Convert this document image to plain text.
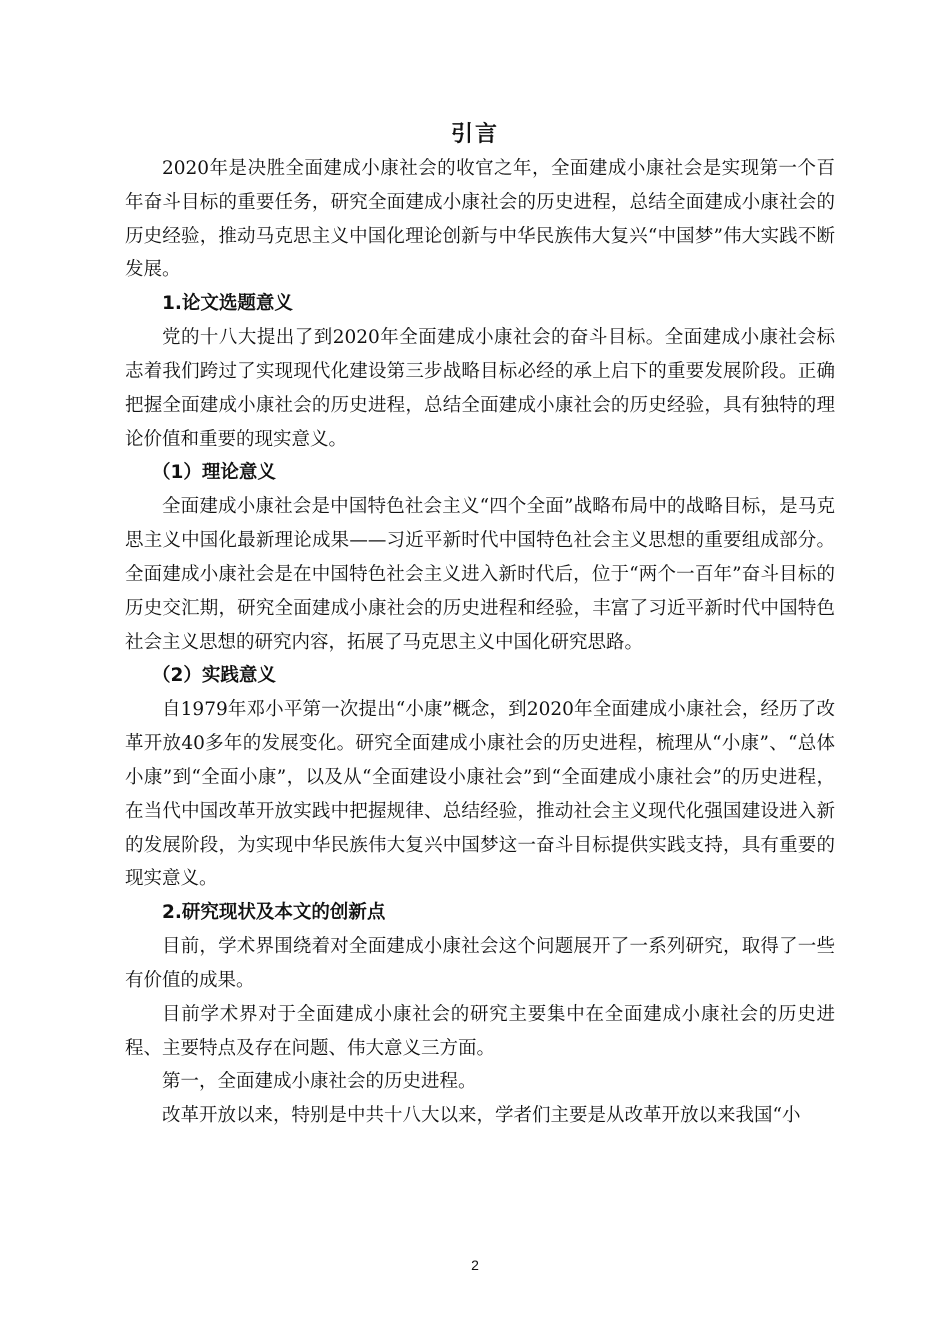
引言

2020年是决胜全面建成小康社会的收官之年，全面建成小康社会是实现第一个百年奋斗目标的重要任务，研究全面建成小康社会的历史进程，总结全面建成小康社会的历史经验，推动马克思主义中国化理论创新与中华民族伟大复兴“中国梦”伟大实践不断发展。

1.论文选题意义

党的十八大提出了到2020年全面建成小康社会的奋斗目标。全面建成小康社会标志着我们跨过了实现现代化建设第三步战略目标必经的承上启下的重要发展阶段。正确把握全面建成小康社会的历史进程，总结全面建成小康社会的历史经验，具有独特的理论价值和重要的现实意义。

（1）理论意义

全面建成小康社会是中国特色社会主义“四个全面”战略布局中的战略目标，是马克思主义中国化最新理论成果——习近平新时代中国特色社会主义思想的重要组成部分。全面建成小康社会是在中国特色社会主义进入新时代后，位于“两个一百年”奋斗目标的历史交汇期，研究全面建成小康社会的历史进程和经验，丰富了习近平新时代中国特色社会主义思想的研究内容，拓展了马克思主义中国化研究思路。

（2）实践意义

自1979年邓小平第一次提出“小康”概念，到2020年全面建成小康社会，经历了改革开放40多年的发展变化。研究全面建成小康社会的历史进程，梳理从“小康”、“总体小康”到“全面小康”，以及从“全面建设小康社会”到“全面建成小康社会”的历史进程，在当代中国改革开放实践中把握规律、总结经验，推动社会主义现代化强国建设进入新的发展阶段，为实现中华民族伟大复兴中国梦这一奋斗目标提供实践支持，具有重要的现实意义。

2.研究现状及本文的创新点

目前，学术界围绕着对全面建成小康社会这个问题展开了一系列研究，取得了一些有价值的成果。

目前学术界对于全面建成小康社会的研究主要集中在全面建成小康社会的历史进程、主要特点及存在问题、伟大意义三方面。

第一，全面建成小康社会的历史进程。

改革开放以来，特别是中共十八大以来，学者们主要是从改革开放以来我国“小

2
